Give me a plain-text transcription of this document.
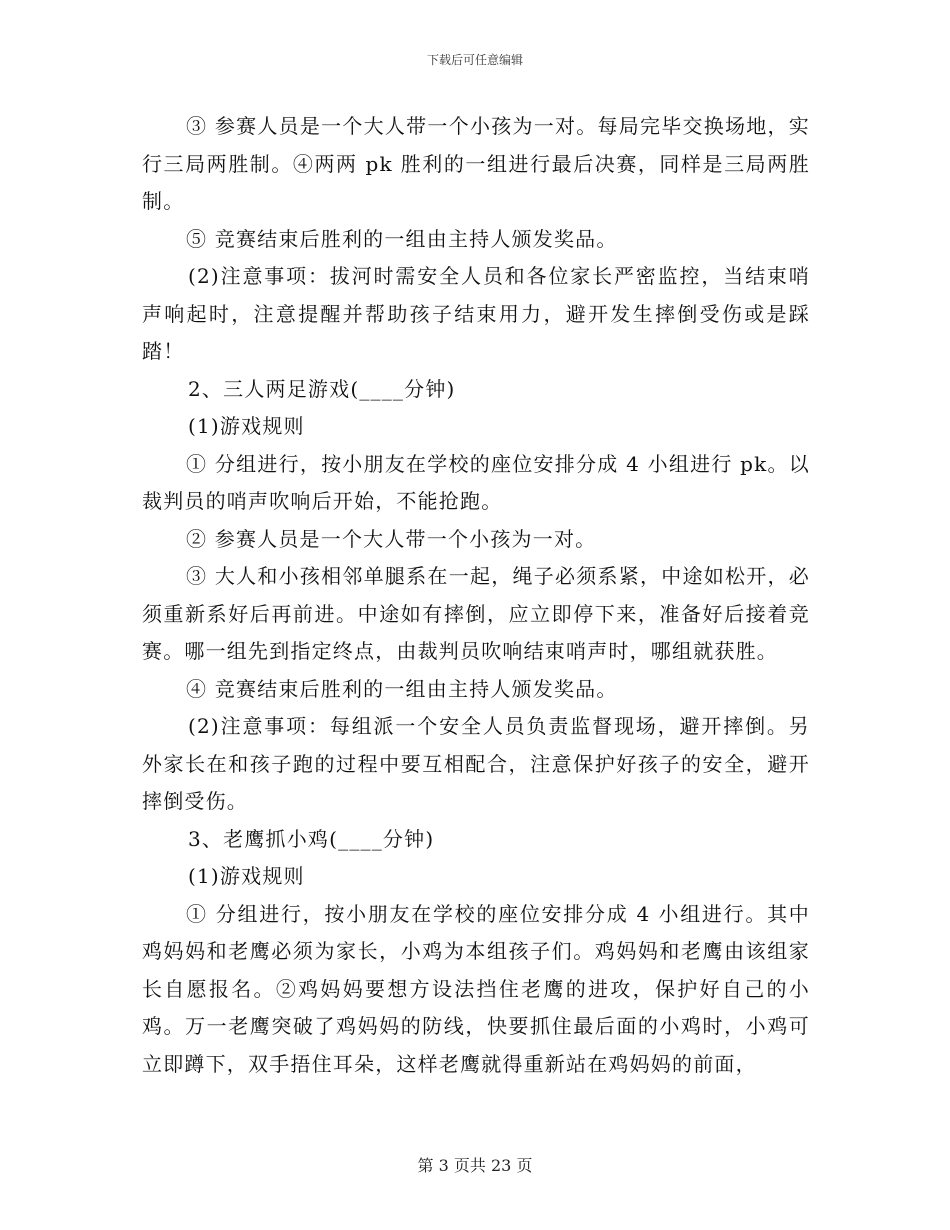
下载后可任意编辑

③ 参赛人员是一个大人带一个小孩为一对。每局完毕交换场地，实行三局两胜制。④两两 pk 胜利的一组进行最后决赛，同样是三局两胜制。

⑤ 竞赛结束后胜利的一组由主持人颁发奖品。

(2)注意事项：拔河时需安全人员和各位家长严密监控，当结束哨声响起时，注意提醒并帮助孩子结束用力，避开发生摔倒受伤或是踩踏！

2、三人两足游戏(____分钟)

(1)游戏规则

① 分组进行，按小朋友在学校的座位安排分成 4 小组进行 pk。以裁判员的哨声吹响后开始，不能抢跑。

② 参赛人员是一个大人带一个小孩为一对。

③ 大人和小孩相邻单腿系在一起，绳子必须系紧，中途如松开，必须重新系好后再前进。中途如有摔倒，应立即停下来，准备好后接着竞赛。哪一组先到指定终点，由裁判员吹响结束哨声时，哪组就获胜。

④ 竞赛结束后胜利的一组由主持人颁发奖品。

(2)注意事项：每组派一个安全人员负责监督现场，避开摔倒。另外家长在和孩子跑的过程中要互相配合，注意保护好孩子的安全，避开摔倒受伤。

3、老鹰抓小鸡(____分钟)

(1)游戏规则

① 分组进行，按小朋友在学校的座位安排分成 4 小组进行。其中鸡妈妈和老鹰必须为家长，小鸡为本组孩子们。鸡妈妈和老鹰由该组家长自愿报名。②鸡妈妈要想方设法挡住老鹰的进攻，保护好自己的小鸡。万一老鹰突破了鸡妈妈的防线，快要抓住最后面的小鸡时，小鸡可立即蹲下，双手捂住耳朵，这样老鹰就得重新站在鸡妈妈的前面，

第 3 页共 23 页
